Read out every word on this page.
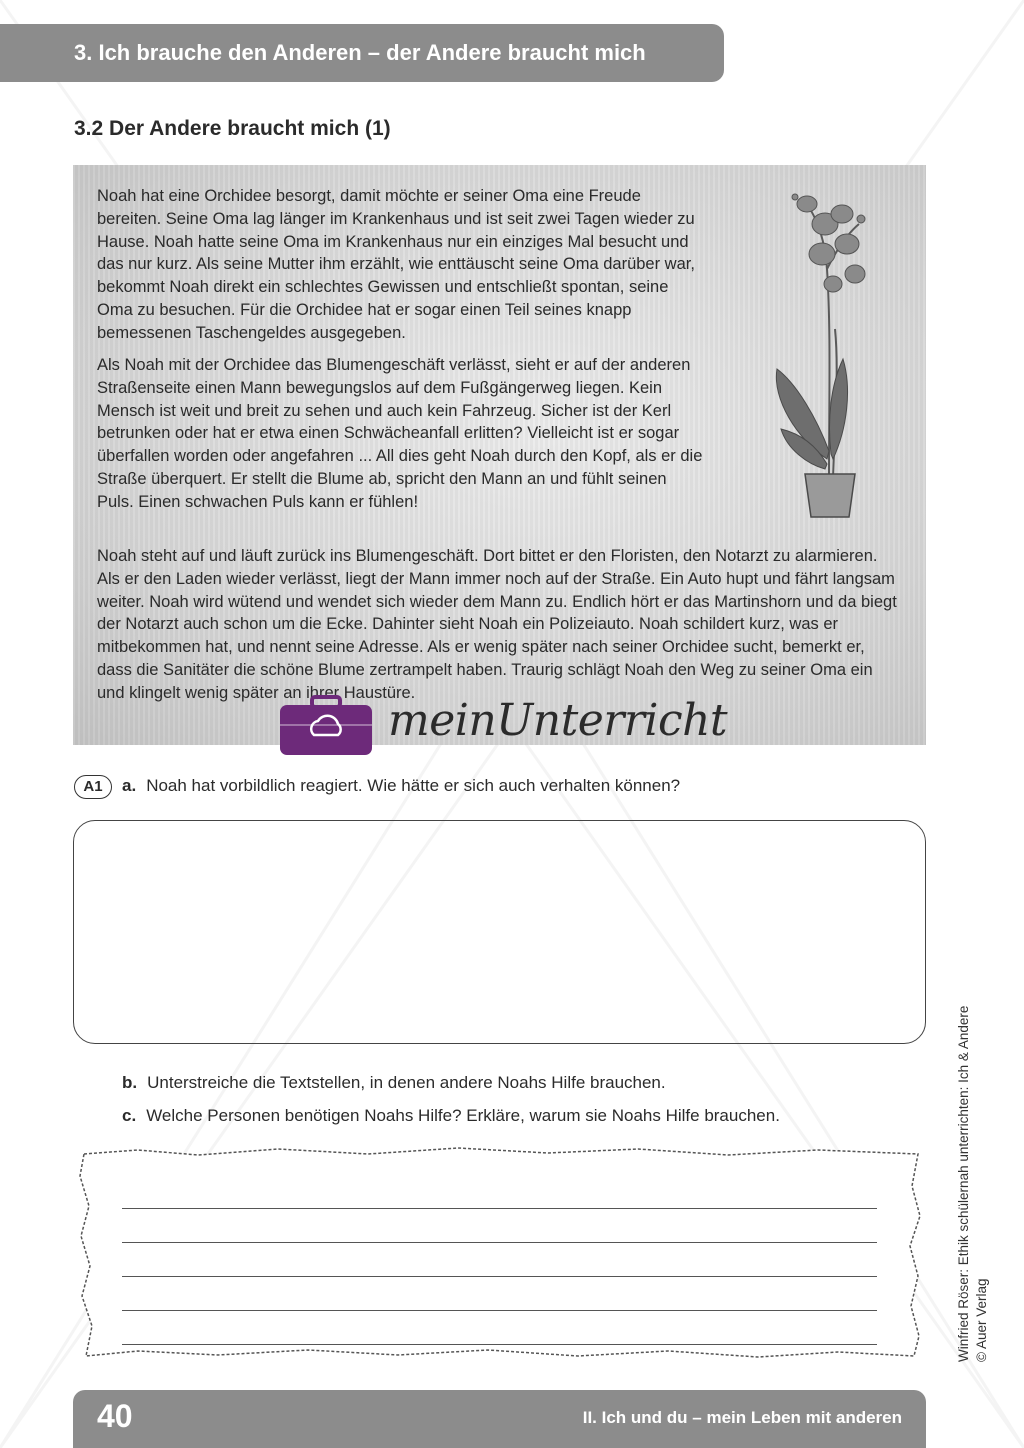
3. Ich brauche den Anderen – der Andere braucht mich
3.2 Der Andere braucht mich (1)

Noah hat eine Orchidee besorgt, damit möchte er seiner Oma eine Freude bereiten. Seine Oma lag länger im Krankenhaus und ist seit zwei Tagen wieder zu Hause. Noah hatte seine Oma im Krankenhaus nur ein einziges Mal besucht und das nur kurz. Als seine Mutter ihm erzählt, wie enttäuscht seine Oma darüber war, bekommt Noah direkt ein schlechtes Gewissen und entschließt spontan, seine Oma zu besuchen. Für die Orchidee hat er sogar einen Teil seines knapp bemessenen Taschengeldes ausgegeben.

Als Noah mit der Orchidee das Blumengeschäft verlässt, sieht er auf der anderen Straßenseite einen Mann bewegungslos auf dem Fußgängerweg liegen. Kein Mensch ist weit und breit zu sehen und auch kein Fahrzeug. Sicher ist der Kerl betrunken oder hat er etwa einen Schwächeanfall erlitten? Vielleicht ist er sogar überfallen worden oder angefahren ... All dies geht Noah durch den Kopf, als er die Straße überquert. Er stellt die Blume ab, spricht den Mann an und fühlt seinen Puls. Einen schwachen Puls kann er fühlen!

Noah steht auf und läuft zurück ins Blumengeschäft. Dort bittet er den Floristen, den Notarzt zu alarmieren. Als er den Laden wieder verlässt, liegt der Mann immer noch auf der Straße. Ein Auto hupt und fährt langsam weiter. Noah wird wütend und wendet sich wieder dem Mann zu. Endlich hört er das Martinshorn und da biegt der Notarzt auch schon um die Ecke. Dahinter sieht Noah ein Polizeiauto. Noah schildert kurz, was er mitbekommen hat, und nennt seine Adresse. Als er wenig später nach seiner Orchidee sucht, bemerkt er, dass die Sanitäter die schöne Blume zertrampelt haben. Traurig schlägt Noah den Weg zu seiner Oma ein und klingelt wenig später an ihrer Haustüre.

meinUnterricht
A1	a. Noah hat vorbildlich reagiert. Wie hätte er sich auch verhalten können?
b. Unterstreiche die Textstellen, in denen andere Noahs Hilfe brauchen.
c. Welche Personen benötigen Noahs Hilfe? Erkläre, warum sie Noahs Hilfe brauchen.	Winfried Röser: Ethik schülernah unterrichten: Ich & Andere © Auer Verlag
40	II. Ich und du – mein Leben mit anderen
